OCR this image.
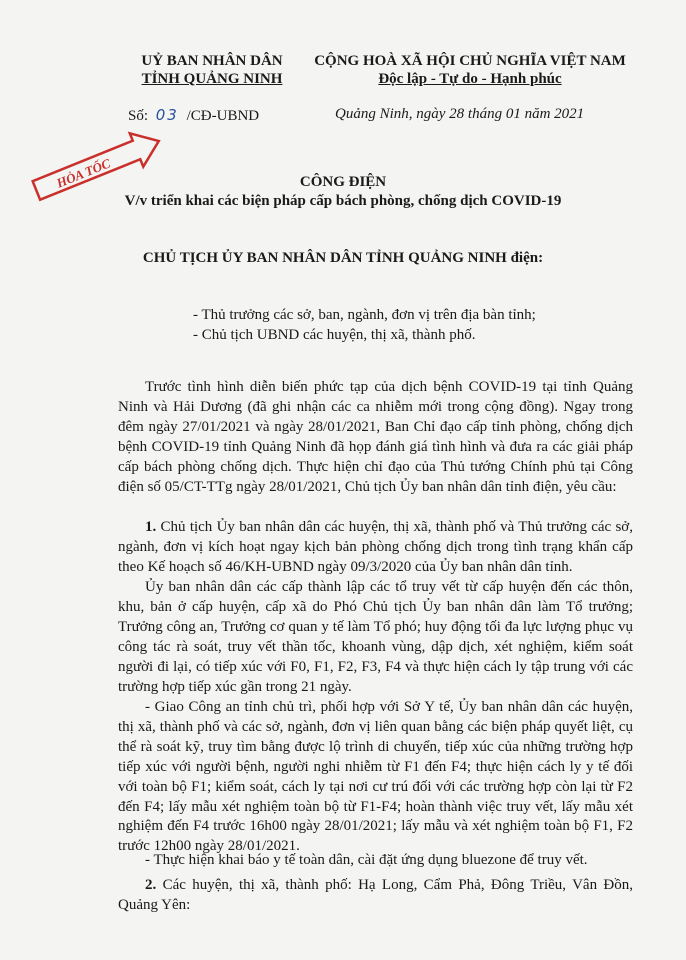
UỶ BAN NHÂN DÂN
TỈNH QUẢNG NINH
CỘNG HOÀ XÃ HỘI CHỦ NGHĨA VIỆT NAM
Độc lập - Tự do - Hạnh phúc
Số: 03 /CĐ-UBND	Quảng Ninh, ngày 28 tháng 01 năm 2021
HỎA TỐC	CÔNG ĐIỆN
V/v triển khai các biện pháp cấp bách phòng, chống dịch COVID-19
CHỦ TỊCH ỦY BAN NHÂN DÂN TỈNH QUẢNG NINH điện:
- Thủ trưởng các sở, ban, ngành, đơn vị trên địa bàn tỉnh;
- Chủ tịch UBND các huyện, thị xã, thành phố.
Trước tình hình diễn biến phức tạp của dịch bệnh COVID-19 tại tỉnh Quảng Ninh và Hải Dương (đã ghi nhận các ca nhiễm mới trong cộng đồng). Ngay trong đêm ngày 27/01/2021 và ngày 28/01/2021, Ban Chỉ đạo cấp tỉnh phòng, chống dịch bệnh COVID-19 tỉnh Quảng Ninh đã họp đánh giá tình hình và đưa ra các giải pháp cấp bách phòng chống dịch. Thực hiện chỉ đạo của Thủ tướng Chính phủ tại Công điện số 05/CT-TTg ngày 28/01/2021, Chủ tịch Ủy ban nhân dân tỉnh điện, yêu cầu:
1. Chủ tịch Ủy ban nhân dân các huyện, thị xã, thành phố và Thủ trưởng các sở, ngành, đơn vị kích hoạt ngay kịch bản phòng chống dịch trong tình trạng khẩn cấp theo Kế hoạch số 46/KH-UBND ngày 09/3/2020 của Ủy ban nhân dân tỉnh.
Ủy ban nhân dân các cấp thành lập các tổ truy vết từ cấp huyện đến các thôn, khu, bản ở cấp huyện, cấp xã do Phó Chủ tịch Ủy ban nhân dân làm Tổ trưởng; Trưởng công an, Trưởng cơ quan y tế làm Tổ phó; huy động tối đa lực lượng phục vụ công tác rà soát, truy vết thần tốc, khoanh vùng, dập dịch, xét nghiệm, kiểm soát người đi lại, có tiếp xúc với F0, F1, F2, F3, F4 và thực hiện cách ly tập trung với các trường hợp tiếp xúc gần trong 21 ngày.
- Giao Công an tỉnh chủ trì, phối hợp với Sở Y tế, Ủy ban nhân dân các huyện, thị xã, thành phố và các sở, ngành, đơn vị liên quan bằng các biện pháp quyết liệt, cụ thể rà soát kỹ, truy tìm bằng được lộ trình di chuyển, tiếp xúc của những trường hợp tiếp xúc với người bệnh, người nghi nhiễm từ F1 đến F4; thực hiện cách ly y tế đối với toàn bộ F1; kiểm soát, cách ly tại nơi cư trú đối với các trường hợp còn lại từ F2 đến F4; lấy mẫu xét nghiệm toàn bộ từ F1-F4; hoàn thành việc truy vết, lấy mẫu xét nghiệm đến F4 trước 16h00 ngày 28/01/2021; lấy mẫu và xét nghiệm toàn bộ F1, F2 trước 12h00 ngày 28/01/2021.
- Thực hiện khai báo y tế toàn dân, cài đặt ứng dụng bluezone để truy vết.
2. Các huyện, thị xã, thành phố: Hạ Long, Cẩm Phả, Đông Triều, Vân Đồn, Quảng Yên:
